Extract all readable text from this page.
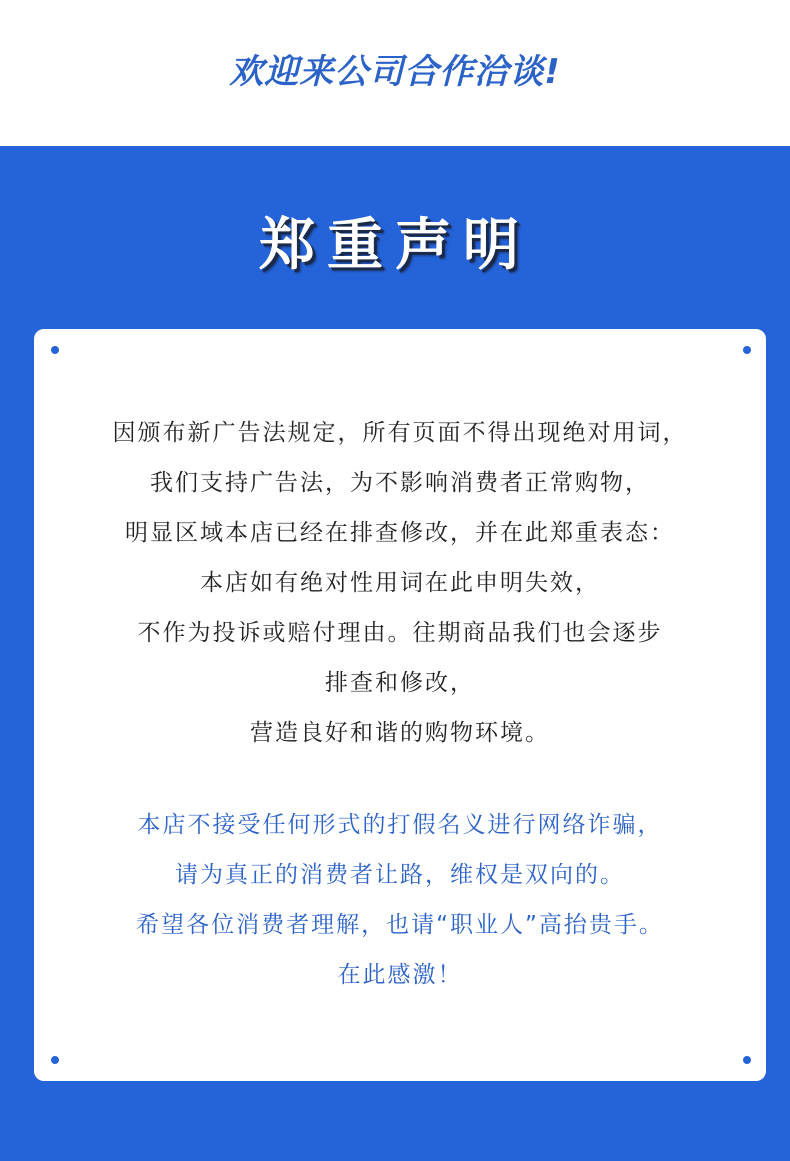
欢迎来公司合作洽谈!
郑重声明
因颁布新广告法规定，所有页面不得出现绝对用词，
我们支持广告法，为不影响消费者正常购物，
明显区域本店已经在排查修改，并在此郑重表态：
本店如有绝对性用词在此申明失效，
不作为投诉或赔付理由。往期商品我们也会逐步
排查和修改，
营造良好和谐的购物环境。
本店不接受任何形式的打假名义进行网络诈骗，
请为真正的消费者让路，维权是双向的。
希望各位消费者理解，也请“职业人”高抬贵手。
在此感激！
